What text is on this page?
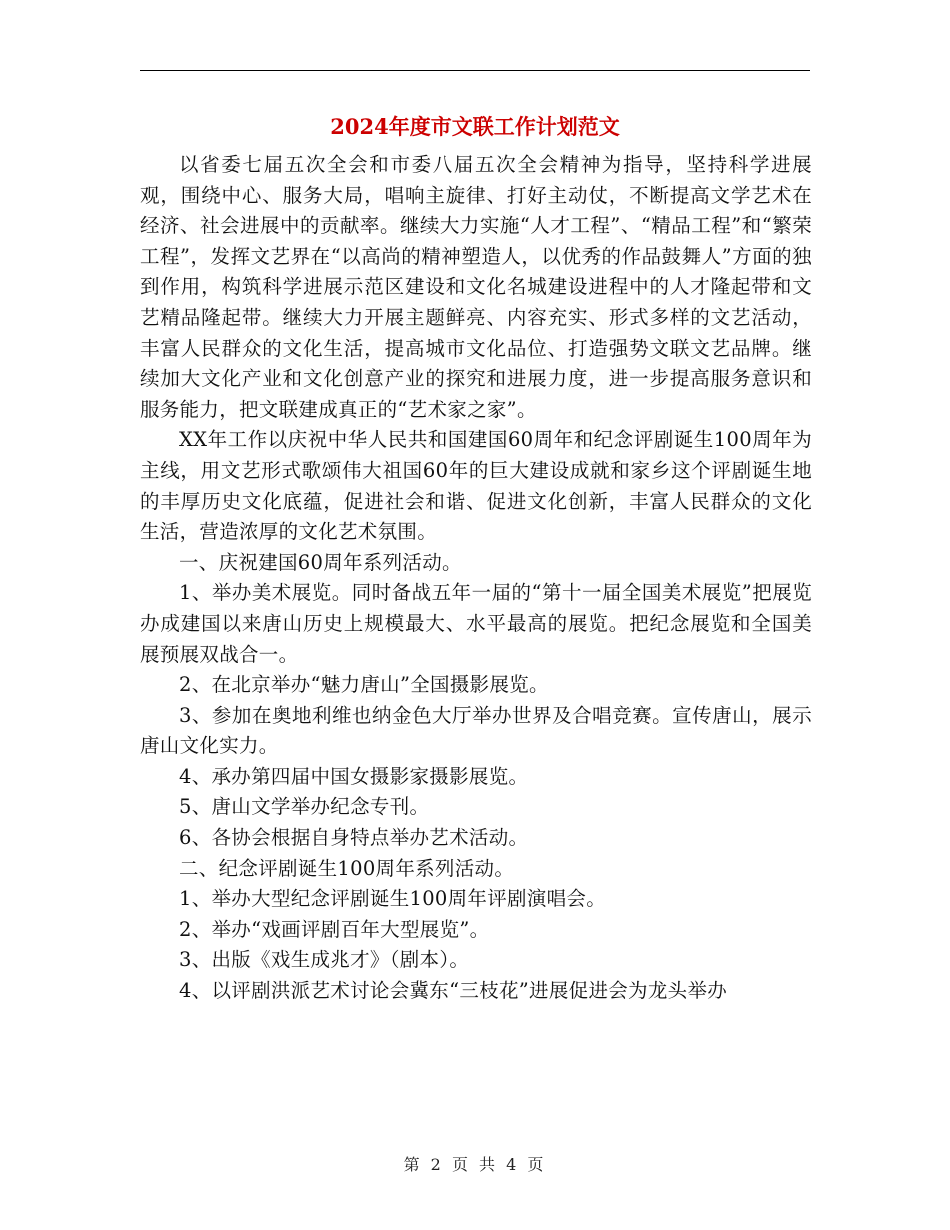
2024年度市文联工作计划范文

以省委七届五次全会和市委八届五次全会精神为指导，坚持科学进展观，围绕中心、服务大局，唱响主旋律、打好主动仗，不断提高文学艺术在经济、社会进展中的贡献率。继续大力实施“人才工程”、“精品工程”和“繁荣工程”，发挥文艺界在“以高尚的精神塑造人，以优秀的作品鼓舞人”方面的独到作用，构筑科学进展示范区建设和文化名城建设进程中的人才隆起带和文艺精品隆起带。继续大力开展主题鲜亮、内容充实、形式多样的文艺活动，丰富人民群众的文化生活，提高城市文化品位、打造强势文联文艺品牌。继续加大文化产业和文化创意产业的探究和进展力度，进一步提高服务意识和服务能力，把文联建成真正的“艺术家之家”。

XX年工作以庆祝中华人民共和国建国60周年和纪念评剧诞生100周年为主线，用文艺形式歌颂伟大祖国60年的巨大建设成就和家乡这个评剧诞生地的丰厚历史文化底蕴，促进社会和谐、促进文化创新，丰富人民群众的文化生活，营造浓厚的文化艺术氛围。

一、庆祝建国60周年系列活动。

1、举办美术展览。同时备战五年一届的“第十一届全国美术展览”把展览办成建国以来唐山历史上规模最大、水平最高的展览。把纪念展览和全国美展预展双战合一。

2、在北京举办“魅力唐山”全国摄影展览。

3、参加在奥地利维也纳金色大厅举办世界及合唱竞赛。宣传唐山，展示唐山文化实力。

4、承办第四届中国女摄影家摄影展览。

5、唐山文学举办纪念专刊。

6、各协会根据自身特点举办艺术活动。

二、纪念评剧诞生100周年系列活动。

1、举办大型纪念评剧诞生100周年评剧演唱会。

2、举办“戏画评剧百年大型展览”。

3、出版《戏生成兆才》（剧本）。

4、以评剧洪派艺术讨论会冀东“三枝花”进展促进会为龙头举办

第 2 页 共 4 页
